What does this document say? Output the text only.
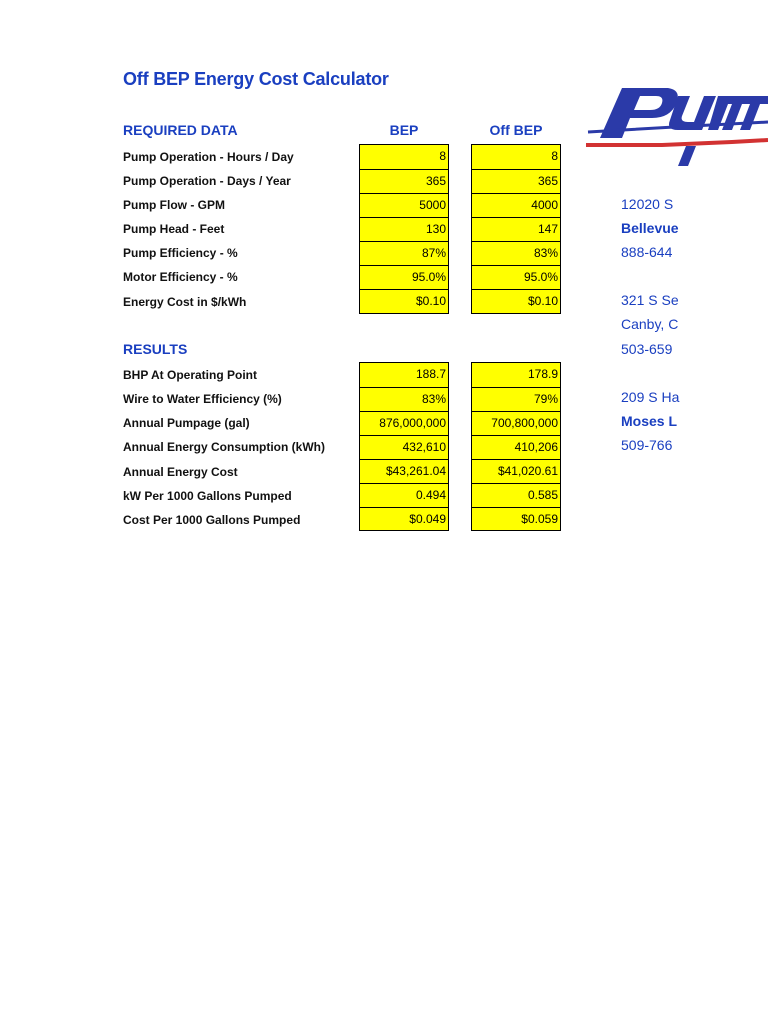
Off BEP Energy Cost Calculator
REQUIRED DATA	BEP	Off BEP
Pump Operation - Hours / Day
Pump Operation - Days / Year
Pump Flow - GPM
Pump Head - Feet
Pump Efficiency - %
Motor Efficiency - %
Energy Cost in $/kWh
8
365
5000
130
87%
95.0%
$0.10
8
365
4000
147
83%
95.0%
$0.10
RESULTS
BHP At Operating Point
Wire to Water Efficiency (%)
Annual Pumpage (gal)
Annual Energy Consumption (kWh)
Annual Energy Cost
kW Per 1000 Gallons Pumped
Cost Per 1000 Gallons Pumped
188.7
83%
876,000,000
432,610
$43,261.04
0.494
$0.049
178.9
79%
700,800,000
410,206
$41,020.61
0.585
$0.059
12020 S
Bellevue
888-644
321 S Se
Canby, C
503-659
209 S Ha
Moses L
509-766
